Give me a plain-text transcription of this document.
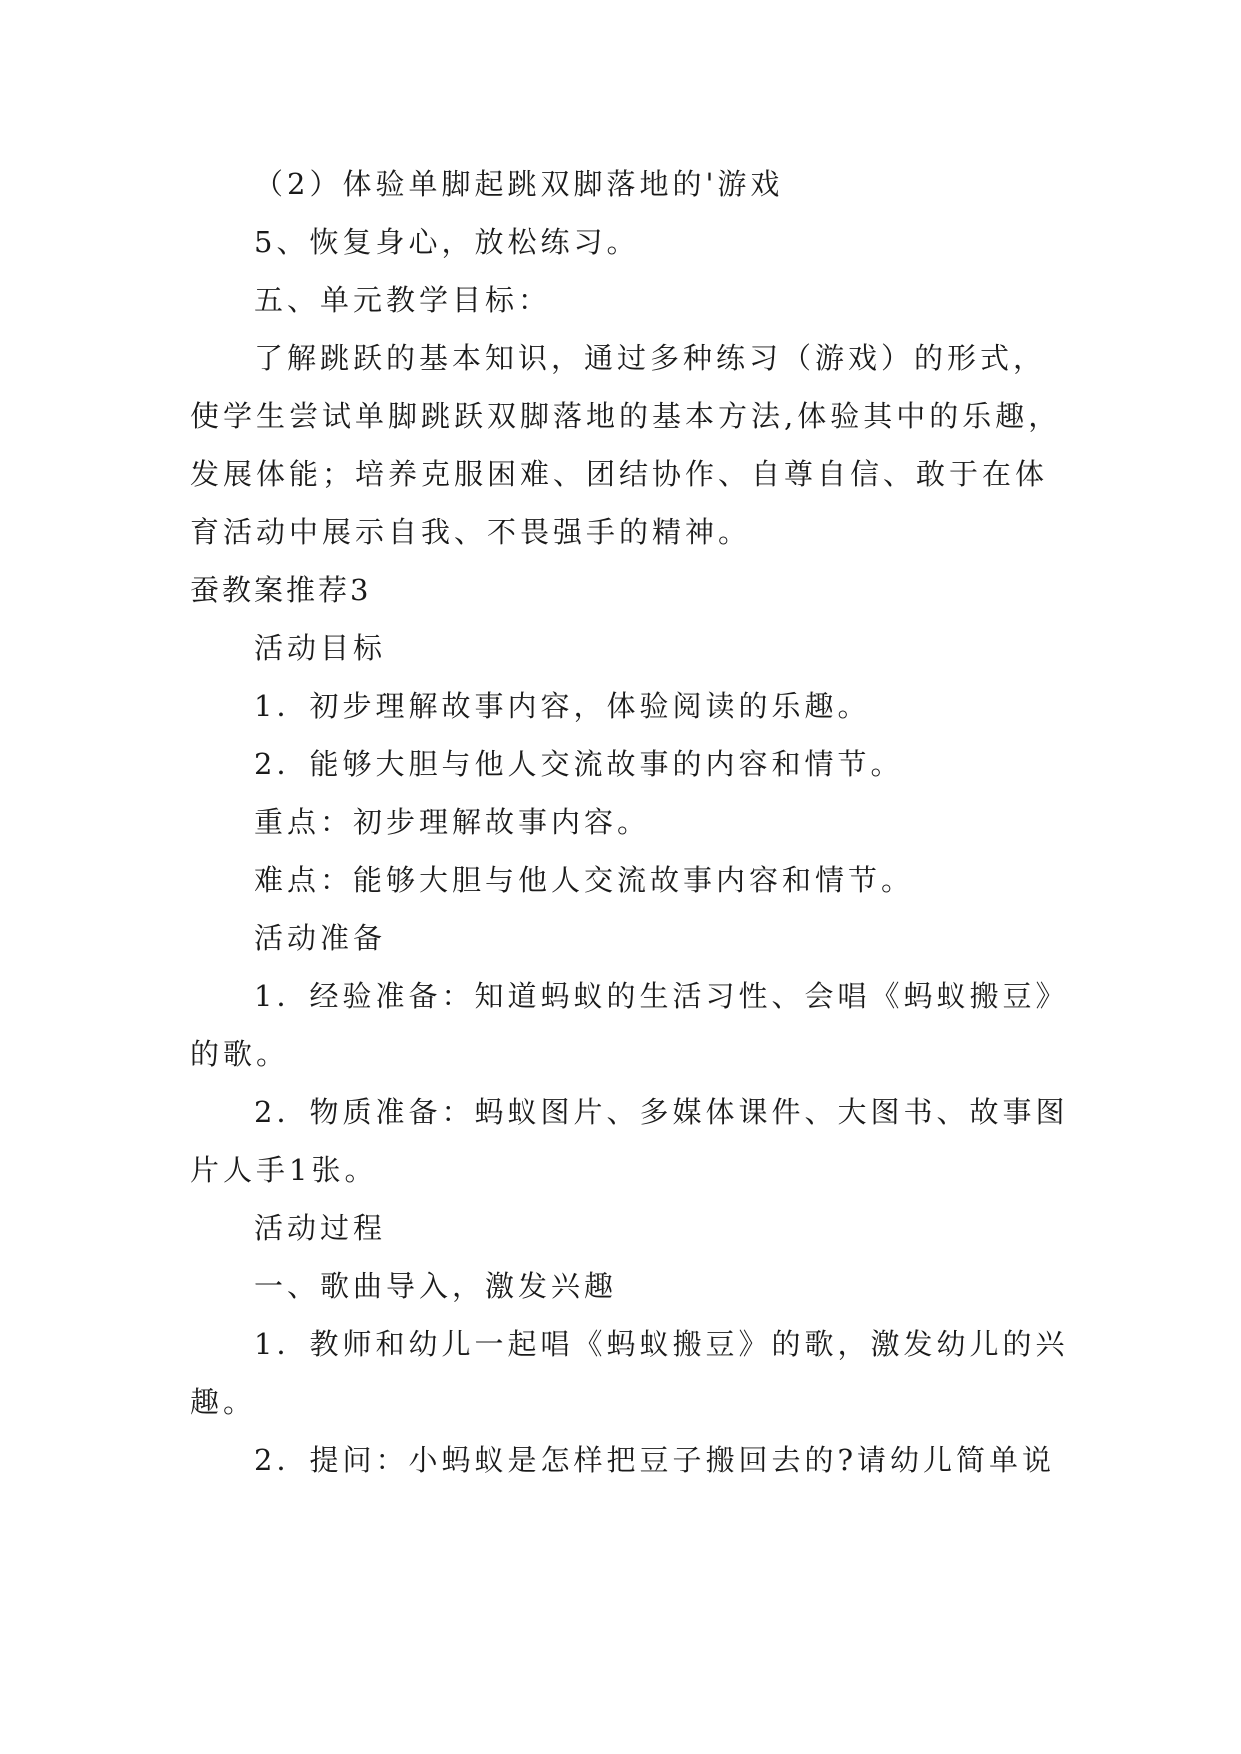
（2）体验单脚起跳双脚落地的'游戏

5、恢复身心，放松练习。

五、单元教学目标：

了解跳跃的基本知识，通过多种练习（游戏）的形式，使学生尝试单脚跳跃双脚落地的基本方法,体验其中的乐趣，发展体能；培养克服困难、团结协作、自尊自信、敢于在体育活动中展示自我、不畏强手的精神。

蚕教案推荐3

活动目标

1．初步理解故事内容，体验阅读的乐趣。

2．能够大胆与他人交流故事的内容和情节。

重点：初步理解故事内容。

难点：能够大胆与他人交流故事内容和情节。

活动准备

1．经验准备：知道蚂蚁的生活习性、会唱《蚂蚁搬豆》的歌。

2．物质准备：蚂蚁图片、多媒体课件、大图书、故事图片人手1张。

活动过程

一、歌曲导入，激发兴趣

1．教师和幼儿一起唱《蚂蚁搬豆》的歌，激发幼儿的兴趣。

2．提问：小蚂蚁是怎样把豆子搬回去的?请幼儿简单说
